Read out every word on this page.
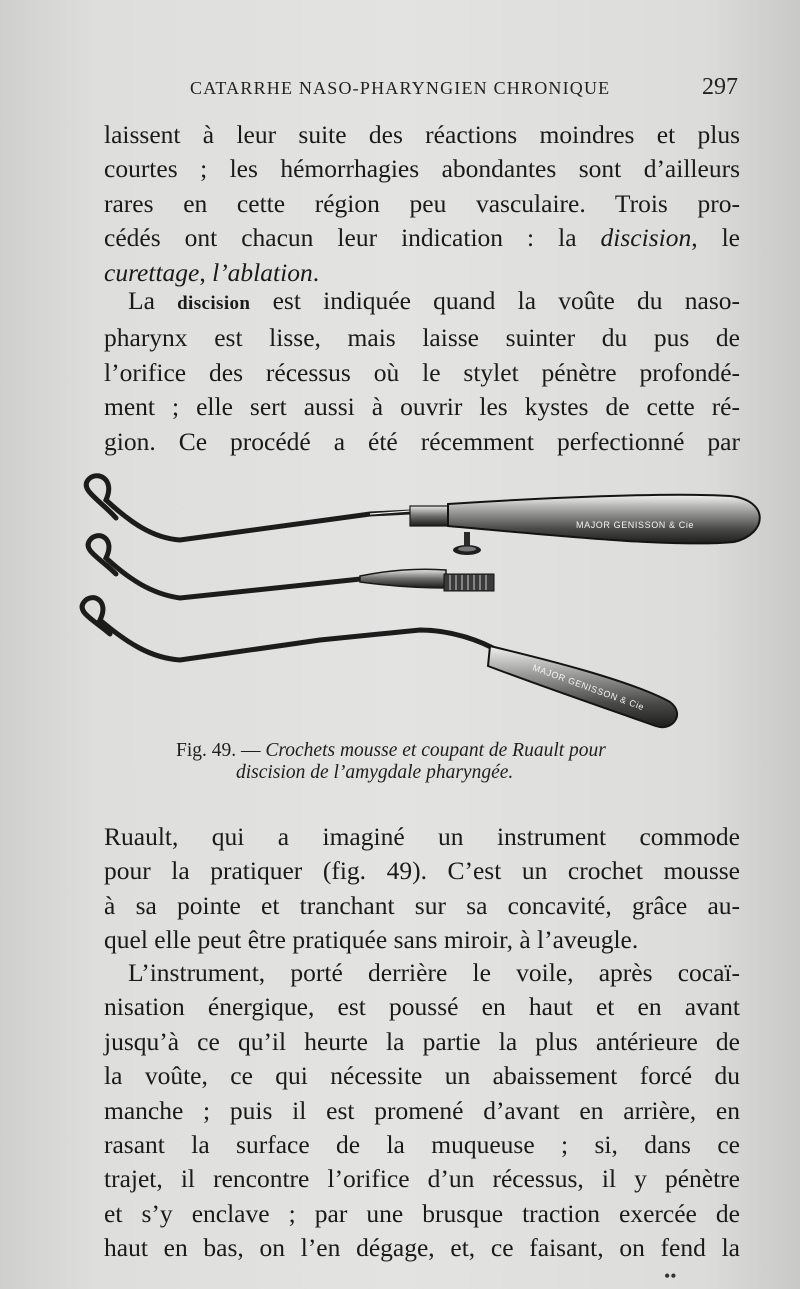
CATARRHE NASO-PHARYNGIEN CHRONIQUE	297
laissent à leur suite des réactions moindres et plus
courtes ; les hémorrhagies abondantes sont d’ailleurs
rares en cette région peu vasculaire. Trois pro-
cédés ont chacun leur indication : la discision, le
curettage, l’ablation.
La discision est indiquée quand la voûte du naso-
pharynx est lisse, mais laisse suinter du pus de
l’orifice des récessus où le stylet pénètre profondé-
ment ; elle sert aussi à ouvrir les kystes de cette ré-
gion. Ce procédé a été récemment perfectionné par
MAJOR GENISSON & Cie
MAJOR GENISSON & Cie
Fig. 49. — Crochets mousse et coupant de Ruault pour
discision de l’amygdale pharyngée.
Ruault, qui a imaginé un instrument commode
pour la pratiquer (fig. 49). C’est un crochet mousse
à sa pointe et tranchant sur sa concavité, grâce au-
quel elle peut être pratiquée sans miroir, à l’aveugle.
L’instrument, porté derrière le voile, après cocaï-
nisation énergique, est poussé en haut et en avant
jusqu’à ce qu’il heurte la partie la plus antérieure de
la voûte, ce qui nécessite un abaissement forcé du
manche ; puis il est promené d’avant en arrière, en
rasant la surface de la muqueuse ; si, dans ce
trajet, il rencontre l’orifice d’un récessus, il y pénètre
et s’y enclave ; par une brusque traction exercée de
haut en bas, on l’en dégage, et, ce faisant, on fend la
••
